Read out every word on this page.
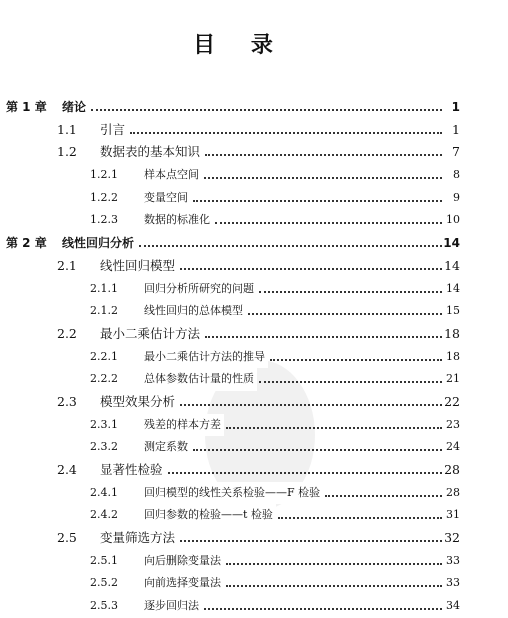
目 录
第 1 章 绪论	1
1.1 引言	1
1.2 数据表的基本知识	7
1.2.1 样本点空间	8
1.2.2 变量空间	9
1.2.3 数据的标准化	10
第 2 章 线性回归分析	14
2.1 线性回归模型	14
2.1.1 回归分析所研究的问题	14
2.1.2 线性回归的总体模型	15
2.2 最小二乘估计方法	18
2.2.1 最小二乘估计方法的推导	18
2.2.2 总体参数估计量的性质	21
2.3 模型效果分析	22
2.3.1 残差的样本方差	23
2.3.2 测定系数	24
2.4 显著性检验	28
2.4.1 回归模型的线性关系检验——F 检验	28
2.4.2 回归参数的检验——t 检验	31
2.5 变量筛选方法	32
2.5.1 向后删除变量法	33
2.5.2 向前选择变量法	33
2.5.3 逐步回归法	34
